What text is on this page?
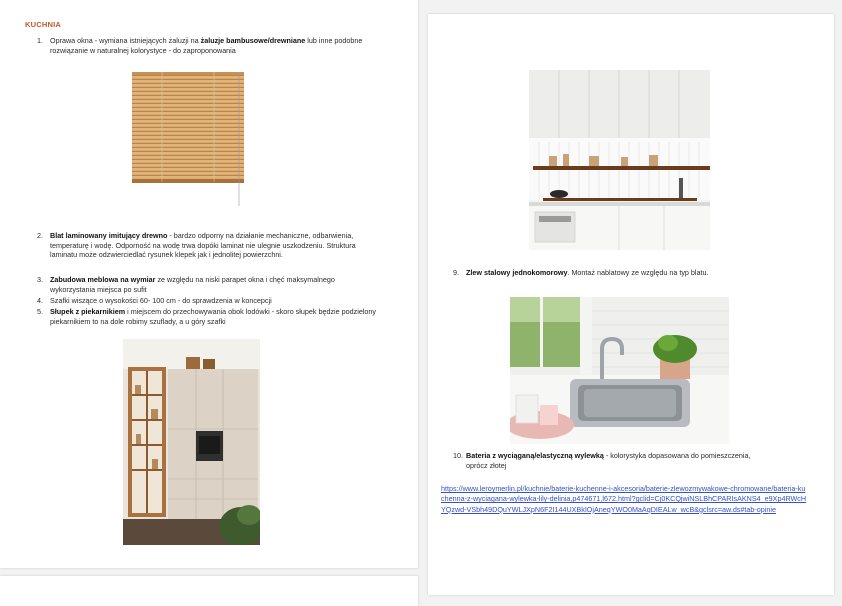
KUCHNIA
1. Oprawa okna - wymiana istniejących żaluzji na żaluzje bambusowe/drewniane lub inne podobne rozwiązanie w naturalnej kolorystyce - do zaproponowania
2. Blat laminowany imitujący drewno - bardzo odporny na działanie mechaniczne, odbarwienia, temperaturę i wodę. Odporność na wodę trwa dopóki laminat nie ulegnie uszkodzeniu. Struktura laminatu może odzwierciedlać rysunek klepek jak i jednolitej powierzchni.
3. Zabudowa meblowa na wymiar ze względu na niski parapet okna i chęć maksymalnego wykorzystania miejsca po sufit
4. Szafki wiszące o wysokości 60- 100 cm - do sprawdzenia w koncepcji
5. Słupek z piekarnikiem i miejscem do przechowywania obok lodówki - skoro słupek będzie podzielony piekarnikiem to na dole robimy szuflady, a u góry szafki
9. Zlew stalowy jednokomorowy. Montaż nablatowy ze względu na typ blatu.
10. Bateria z wyciąganą/elastyczną wylewką - kolorystyka dopasowana do pomieszczenia, oprócz złotej
https://www.leroymerlin.pl/kuchnie/baterie-kuchenne-i-akcesoria/baterie-zlewozmywakowe-chromowane/bateria-kuchenna-z-wyciagana-wylewka-lily-delinia,p474671,l672.html?gclid=Cj0KCQjwiNSLBhCPARIsAKNS4_e9Xp4RWcHYQzwd-VSbh49DQuYWLJXpN6F2I144UXBkIOjAneqYWO0MaAqDIEALw_wcB&gclsrc=aw.ds#tab-opinie
